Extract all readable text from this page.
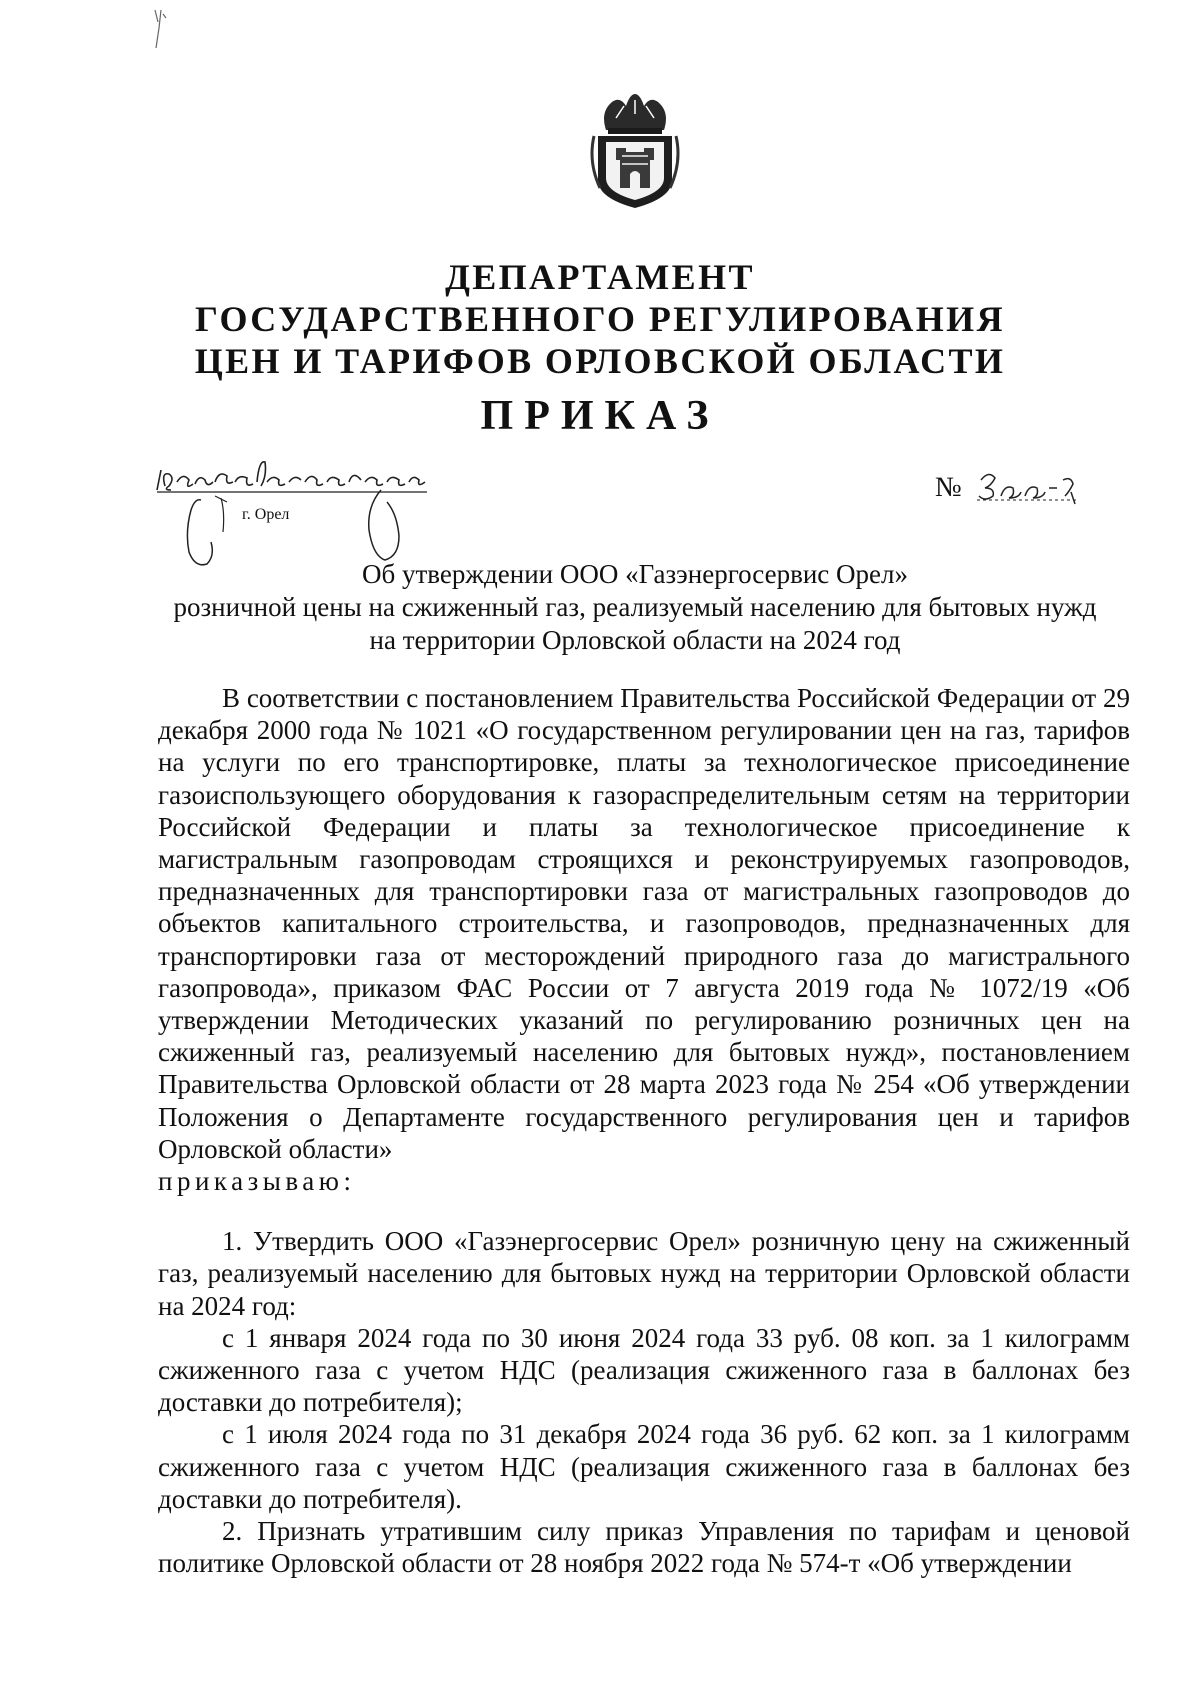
ДЕПАРТАМЕНТ

ГОСУДАРСТВЕННОГО РЕГУЛИРОВАНИЯ

ЦЕН И ТАРИФОВ ОРЛОВСКОЙ ОБЛАСТИ

ПРИКАЗ
г. Орел
№

Об утверждении ООО «Газэнергосервис Орел»

розничной цены на сжиженный газ, реализуемый населению для бытовых нужд

на территории Орловской области на 2024 год

В соответствии с постановлением Правительства Российской Федерации от 29 декабря 2000 года № 1021 «О государственном регулировании цен на газ, тарифов на услуги по его транспортировке, платы за технологическое присоединение газоиспользующего оборудования к газораспределительным сетям на территории Российской Федерации и платы за технологическое присоединение к магистральным газопроводам строящихся и реконструируемых газопроводов, предназначенных для транспортировки газа от магистральных газопроводов до объектов капитального строительства, и газопроводов, предназначенных для транспортировки газа от месторождений природного газа до магистрального газопровода», приказом ФАС России от 7 августа 2019 года № 1072/19 «Об утверждении Методических указаний по регулированию розничных цен на сжиженный газ, реализуемый населению для бытовых нужд», постановлением Правительства Орловской области от 28 марта 2023 года № 254 «Об утверждении Положения о Департаменте государственного регулирования цен и тарифов Орловской области»

приказываю:

1. Утвердить ООО «Газэнергосервис Орел» розничную цену на сжиженный газ, реализуемый населению для бытовых нужд на территории Орловской области на 2024 год:

с 1 января 2024 года по 30 июня 2024 года 33 руб. 08 коп. за 1 килограмм сжиженного газа с учетом НДС (реализация сжиженного газа в баллонах без доставки до потребителя);

с 1 июля 2024 года по 31 декабря 2024 года 36 руб. 62 коп. за 1 килограмм сжиженного газа с учетом НДС (реализация сжиженного газа в баллонах без доставки до потребителя).

2. Признать утратившим силу приказ Управления по тарифам и ценовой политике Орловской области от 28 ноября 2022 года № 574-т «Об утверждении
